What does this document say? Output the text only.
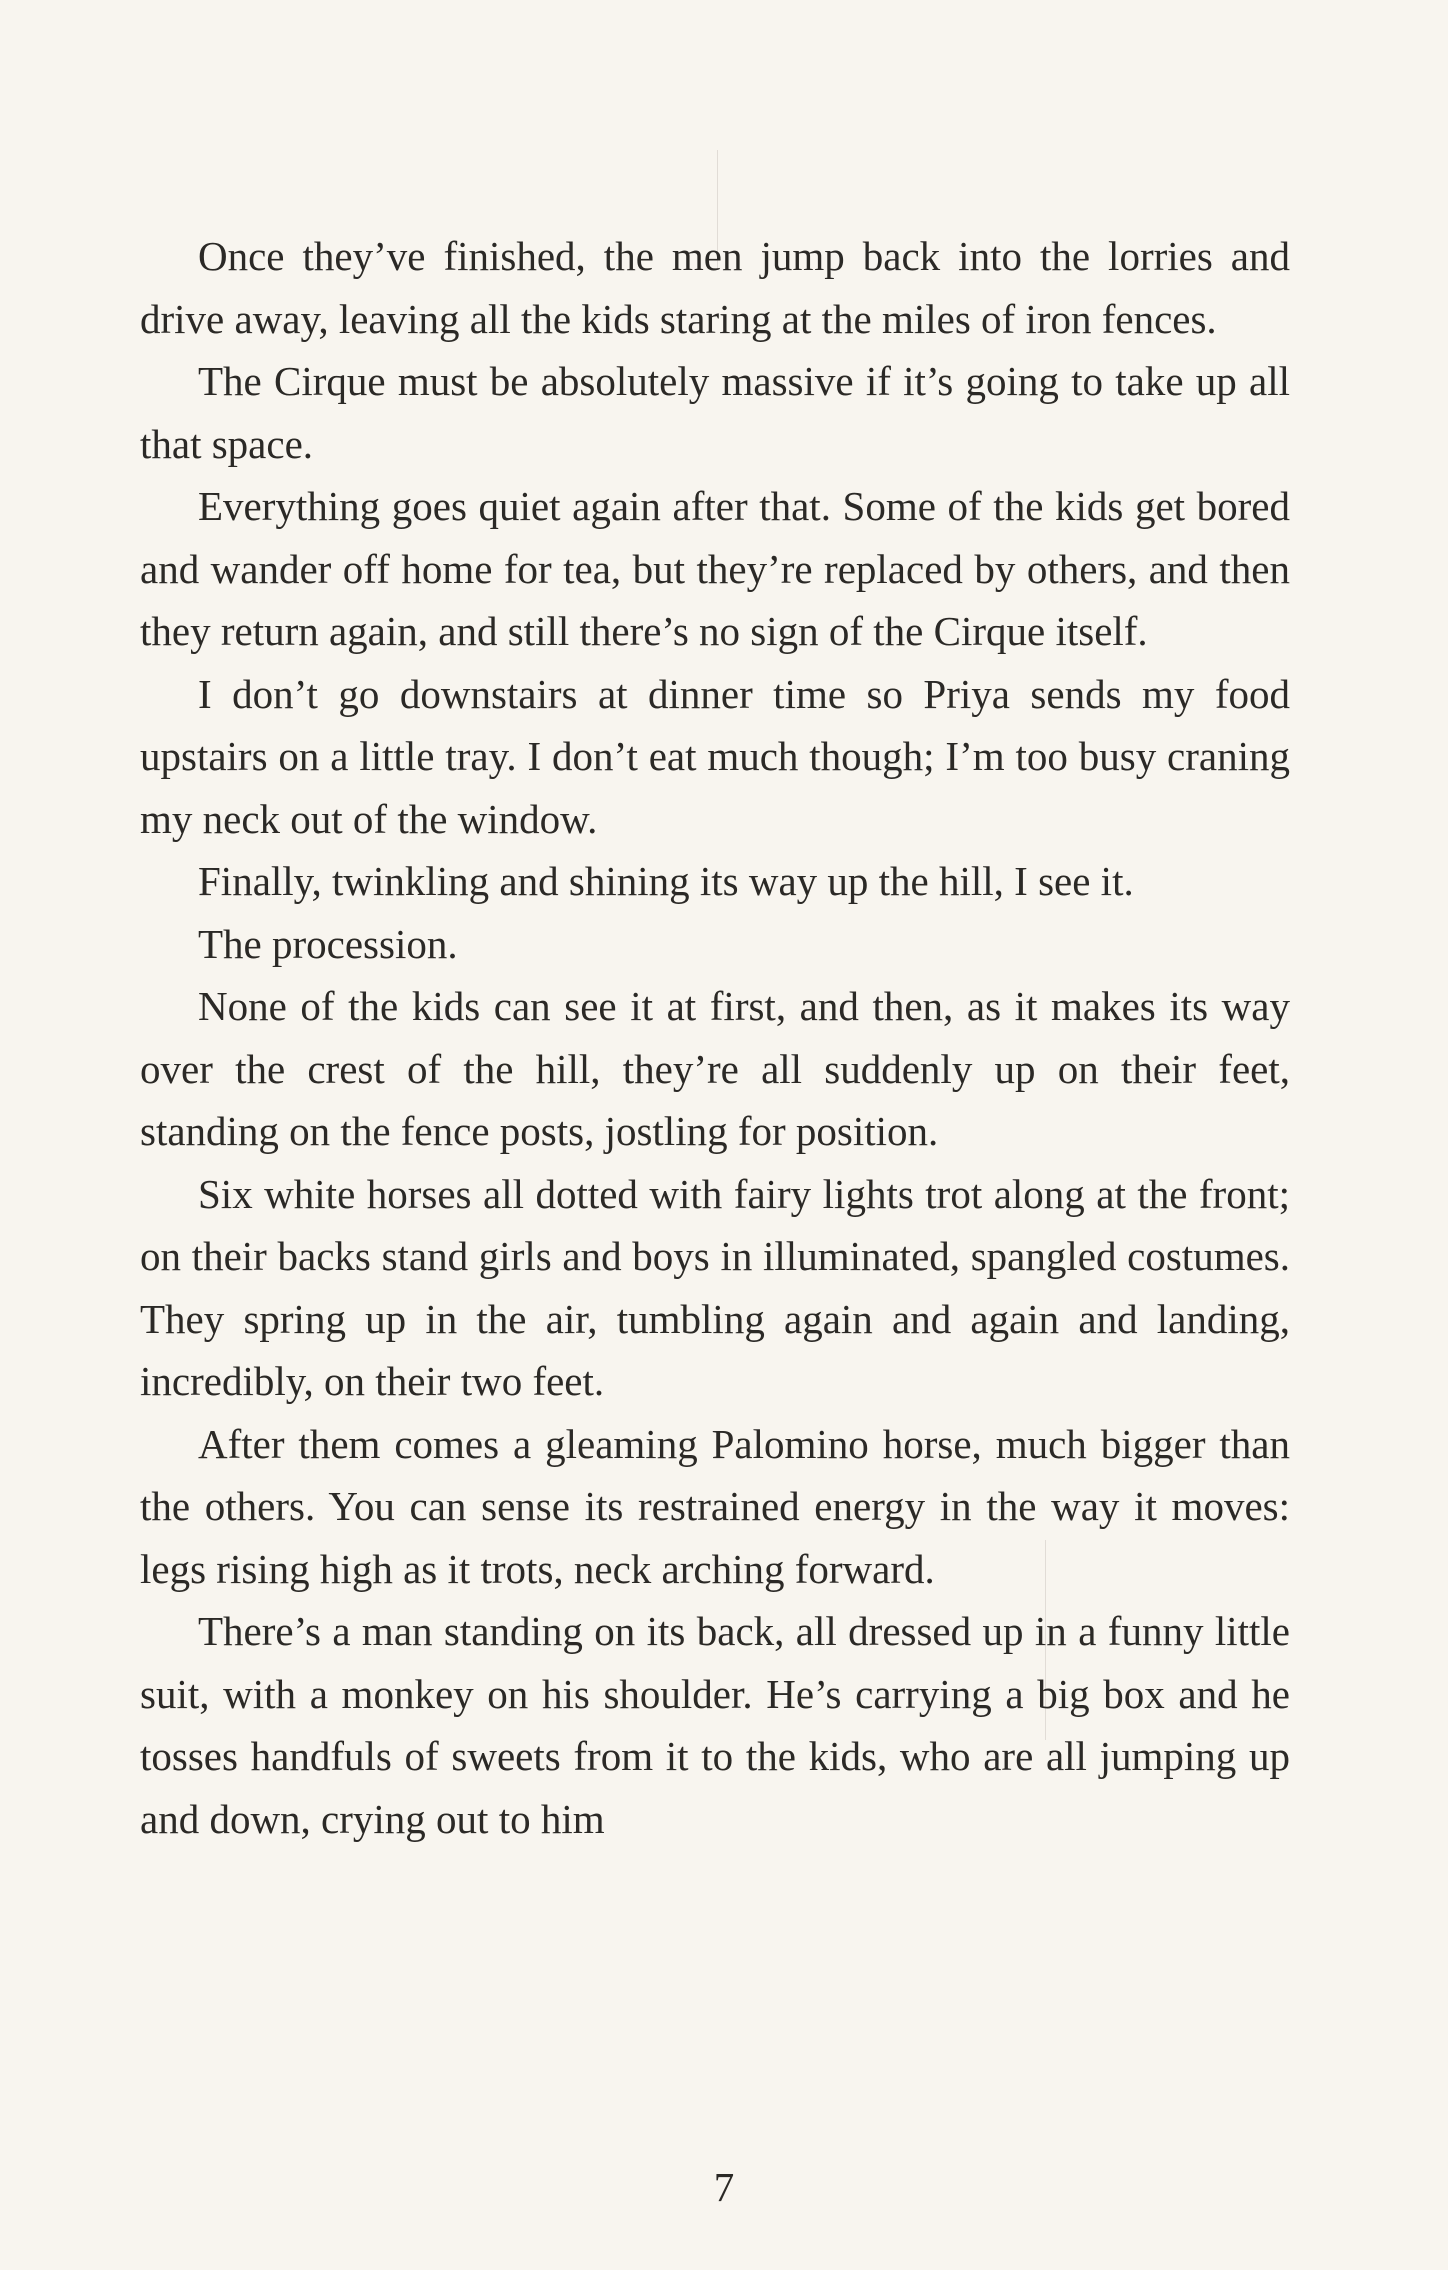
Once they’ve finished, the men jump back into the lorries and drive away, leaving all the kids staring at the miles of iron fences.

The Cirque must be absolutely massive if it’s going to take up all that space.

Everything goes quiet again after that. Some of the kids get bored and wander off home for tea, but they’re replaced by others, and then they return again, and still there’s no sign of the Cirque itself.

I don’t go downstairs at dinner time so Priya sends my food upstairs on a little tray. I don’t eat much though; I’m too busy craning my neck out of the window.

Finally, twinkling and shining its way up the hill, I see it.

The procession.

None of the kids can see it at first, and then, as it makes its way over the crest of the hill, they’re all suddenly up on their feet, standing on the fence posts, jostling for position.

Six white horses all dotted with fairy lights trot along at the front; on their backs stand girls and boys in illuminated, spangled costumes. They spring up in the air, tumbling again and again and landing, incredibly, on their two feet.

After them comes a gleaming Palomino horse, much bigger than the others. You can sense its restrained energy in the way it moves: legs rising high as it trots, neck arching forward.

There’s a man standing on its back, all dressed up in a funny little suit, with a monkey on his shoulder. He’s carrying a big box and he tosses handfuls of sweets from it to the kids, who are all jumping up and down, crying out to him

7
